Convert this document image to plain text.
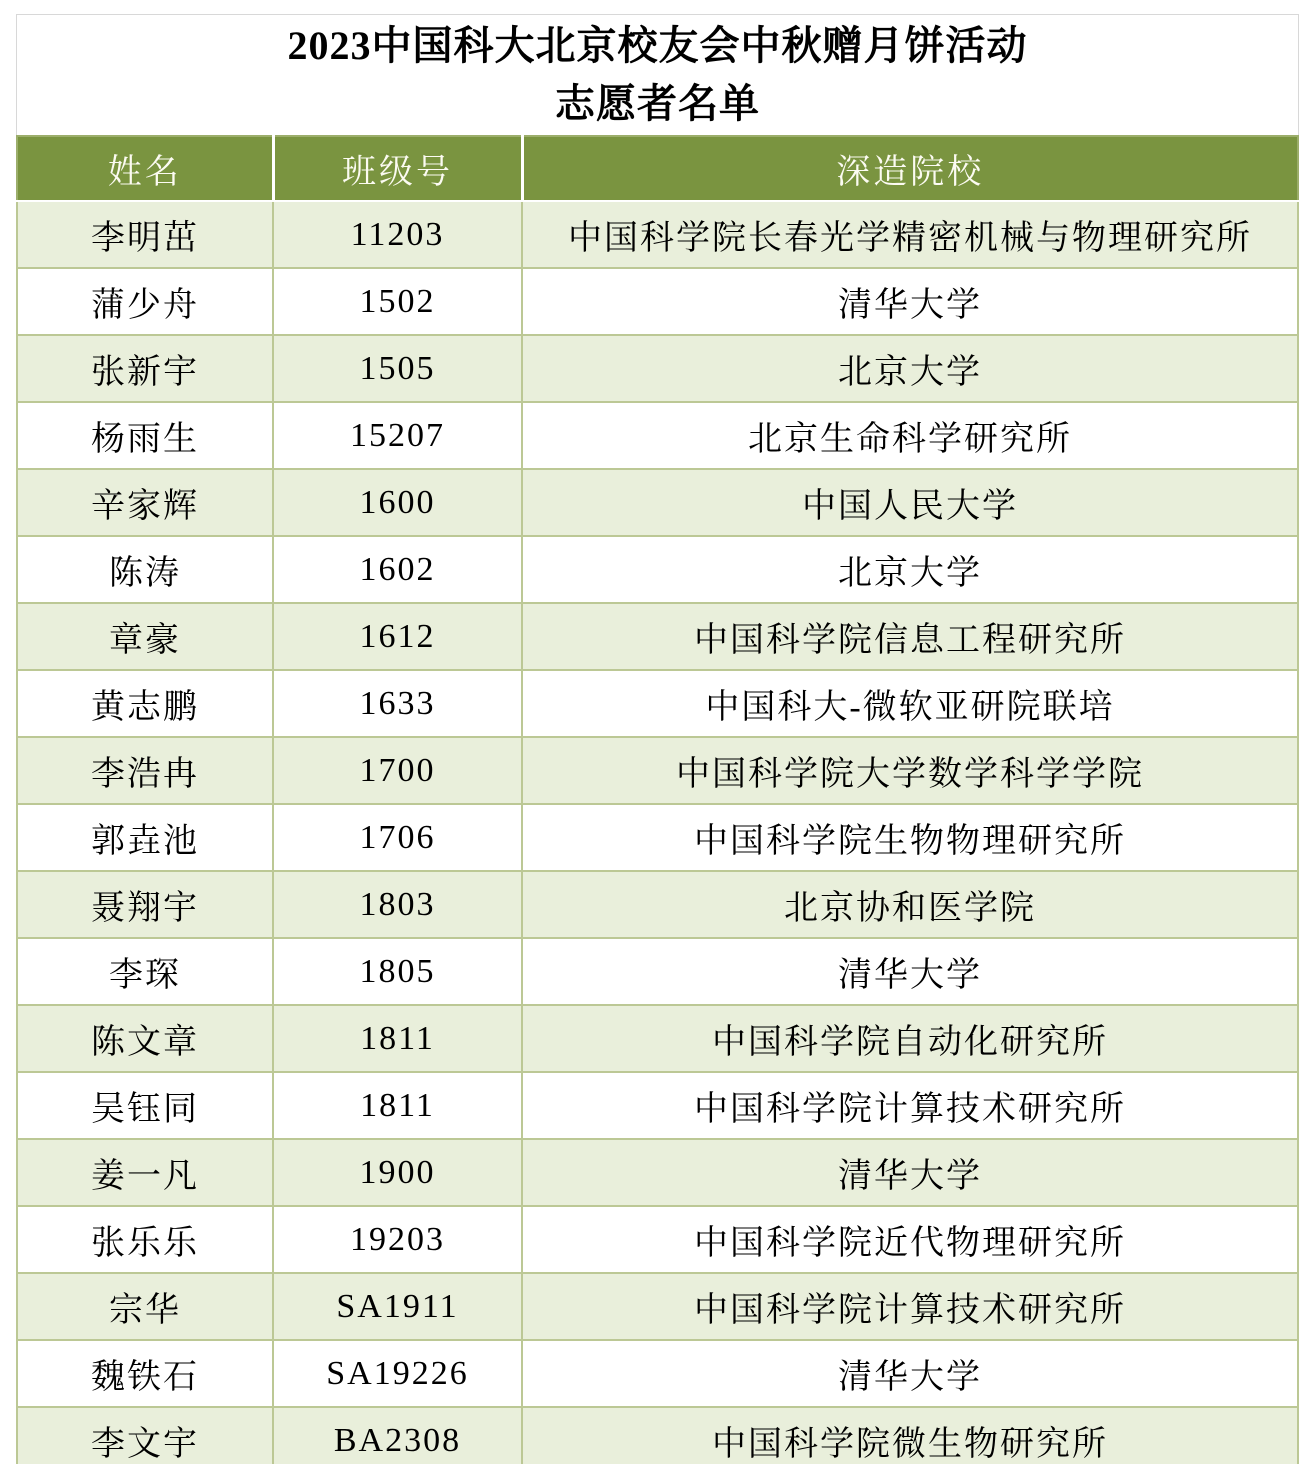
2023中国科大北京校友会中秋赠月饼活动
志愿者名单
姓名	班级号	深造院校
李明茁	11203	中国科学院长春光学精密机械与物理研究所
蒲少舟	1502	清华大学
张新宇	1505	北京大学
杨雨生	15207	北京生命科学研究所
辛家辉	1600	中国人民大学
陈涛	1602	北京大学
章豪	1612	中国科学院信息工程研究所
黄志鹏	1633	中国科大-微软亚研院联培
李浩冉	1700	中国科学院大学数学科学学院
郭垚池	1706	中国科学院生物物理研究所
聂翔宇	1803	北京协和医学院
李琛	1805	清华大学
陈文章	1811	中国科学院自动化研究所
吴钰同	1811	中国科学院计算技术研究所
姜一凡	1900	清华大学
张乐乐	19203	中国科学院近代物理研究所
宗华	SA1911	中国科学院计算技术研究所
魏铁石	SA19226	清华大学
李文宇	BA2308	中国科学院微生物研究所
